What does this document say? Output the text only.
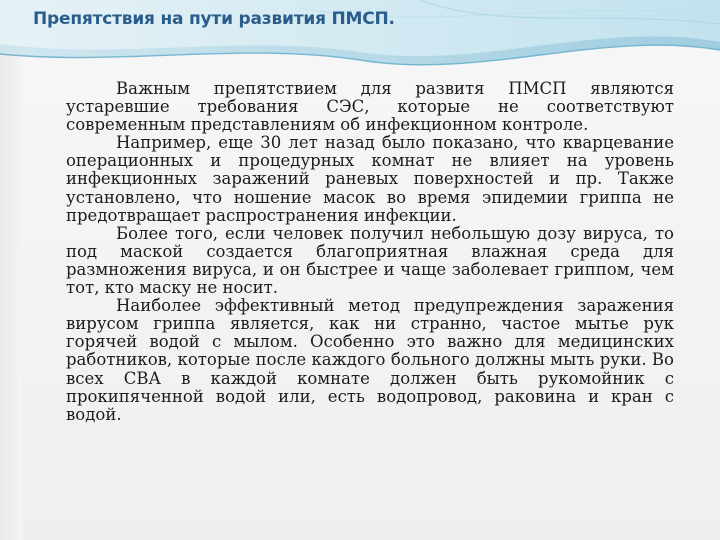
Препятствия на пути развития ПМСП.

Важным препятствием для развитя ПМСП являются устаревшие требования СЭС, которые не соответствуют современным представлениям об инфекционном контроле.

Например, еще 30 лет назад было показано, что кварцевание операционных и процедурных комнат не влияет на уровень инфекционных заражений раневых поверхностей и пр. Также установлено, что ношение масок во время эпидемии гриппа не предотвращает распространения инфекции.

Более того, если человек получил небольшую дозу вируса, то под маской создается благоприятная влажная среда для размножения вируса, и он быстрее и чаще заболевает гриппом, чем тот, кто маску не носит.

Наиболее эффективный метод предупреждения заражения вирусом гриппа является, как ни странно, частое мытье рук горячей водой с мылом. Особенно это важно для медицинских работников, которые после каждого больного должны мыть руки. Во всех СВА в каждой комнате должен быть рукомойник с прокипяченной водой или, есть водопровод, раковина и кран с водой.
